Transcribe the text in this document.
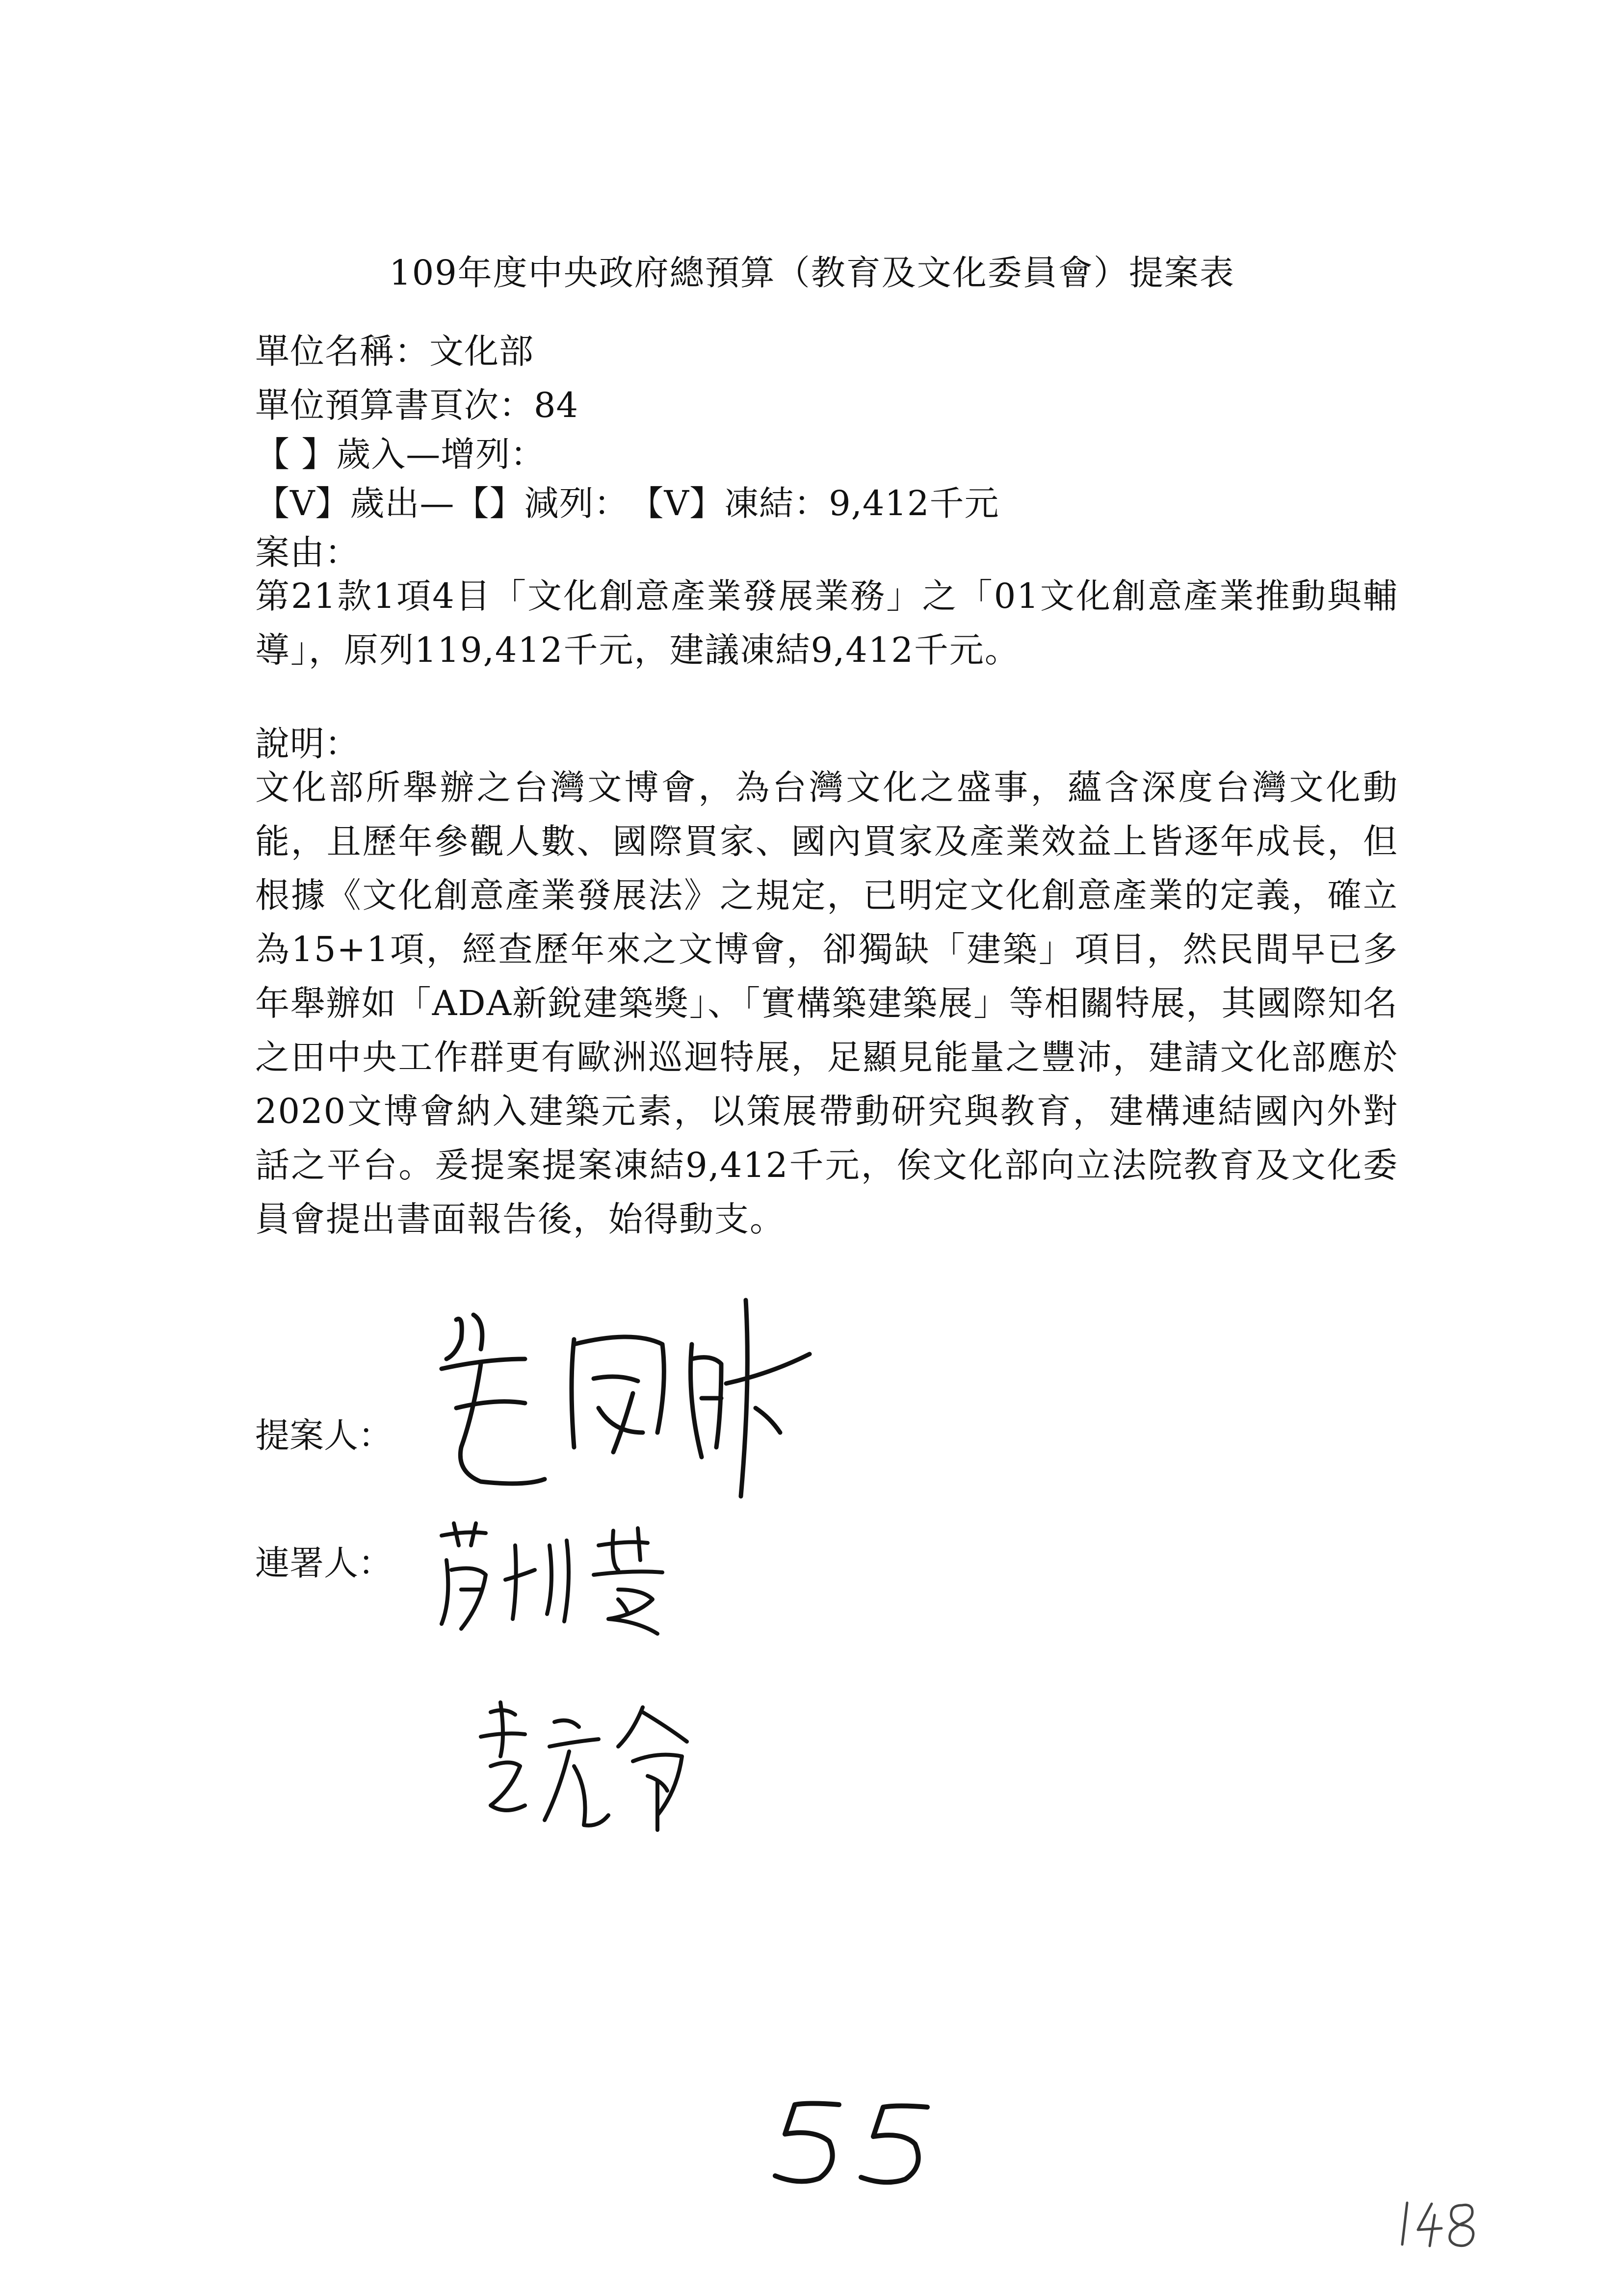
109年度中央政府總預算（教育及文化委員會）提案表
單位名稱：文化部
單位預算書頁次：84
【 】歲入—增列：
【V】歲出—【】減列：　【V】凍結：9,412千元
案由：
第21款1項4目「文化創意產業發展業務」之「01文化創意產業推動與輔導」，原列119,412千元，建議凍結9,412千元。
說明：
文化部所舉辦之台灣文博會，為台灣文化之盛事，蘊含深度台灣文化動能，且歷年參觀人數、國際買家、國內買家及產業效益上皆逐年成長，但根據《文化創意產業發展法》之規定，已明定文化創意產業的定義，確立為15+1項，經查歷年來之文博會，卻獨缺「建築」項目，然民間早已多年舉辦如「ADA新銳建築獎」、「實構築建築展」等相關特展，其國際知名之田中央工作群更有歐洲巡迴特展，足顯見能量之豐沛，建請文化部應於2020文博會納入建築元素，以策展帶動研究與教育，建構連結國內外對話之平台。爰提案提案凍結9,412千元，俟文化部向立法院教育及文化委員會提出書面報告後，始得動支。
提案人：
連署人：
